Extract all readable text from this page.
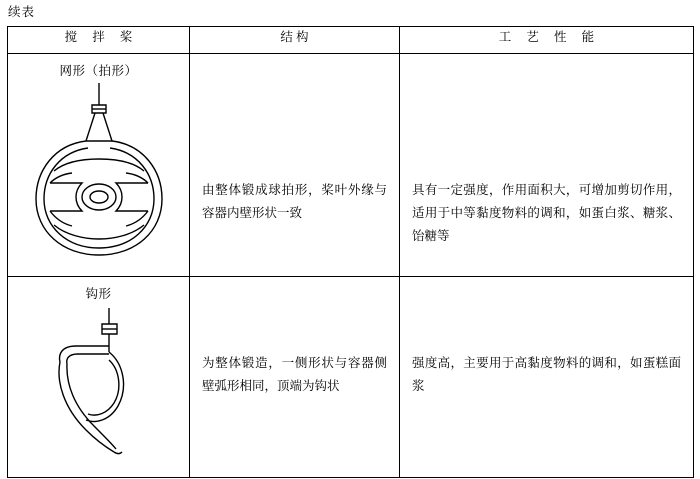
续表
搅 拌 桨	结 构	工 艺 性 能

网形（拍形）	由整体锻成球拍形，桨叶外缘与容器内壁形状一致	具有一定强度，作用面积大，可增加剪切作用，适用于中等黏度物料的调和，如蛋白浆、糖浆、饴糖等

钩形	为整体锻造，一侧形状与容器侧壁弧形相同，顶端为钩状	强度高，主要用于高黏度物料的调和，如蛋糕面浆
